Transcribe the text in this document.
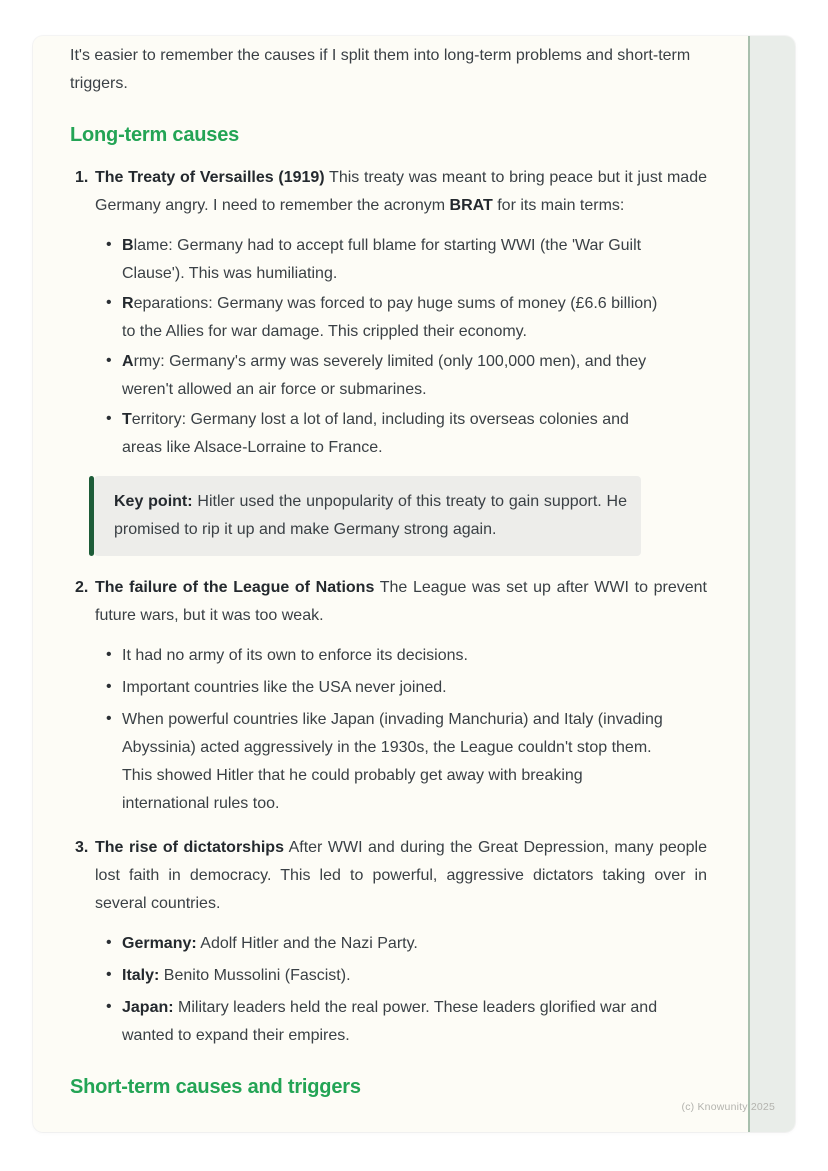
It's easier to remember the causes if I split them into long-term problems and short-term triggers.

Long-term causes
1. The Treaty of Versailles (1919) This treaty was meant to bring peace but it just made Germany angry. I need to remember the acronym BRAT for its main terms:

• Blame: Germany had to accept full blame for starting WWI (the 'War Guilt Clause'). This was humiliating.
• Reparations: Germany was forced to pay huge sums of money (£6.6 billion) to the Allies for war damage. This crippled their economy.
• Army: Germany's army was severely limited (only 100,000 men), and they weren't allowed an air force or submarines.
• Territory: Germany lost a lot of land, including its overseas colonies and areas like Alsace-Lorraine to France.
Key point: Hitler used the unpopularity of this treaty to gain support. He promised to rip it up and make Germany strong again.
2. The failure of the League of Nations The League was set up after WWI to prevent future wars, but it was too weak.

• It had no army of its own to enforce its decisions.
• Important countries like the USA never joined.
• When powerful countries like Japan (invading Manchuria) and Italy (invading Abyssinia) acted aggressively in the 1930s, the League couldn't stop them. This showed Hitler that he could probably get away with breaking international rules too.
3. The rise of dictatorships After WWI and during the Great Depression, many people lost faith in democracy. This led to powerful, aggressive dictators taking over in several countries.

• Germany: Adolf Hitler and the Nazi Party.
• Italy: Benito Mussolini (Fascist).
• Japan: Military leaders held the real power. These leaders glorified war and wanted to expand their empires.
Short-term causes and triggers
(c) Knowunity 2025
